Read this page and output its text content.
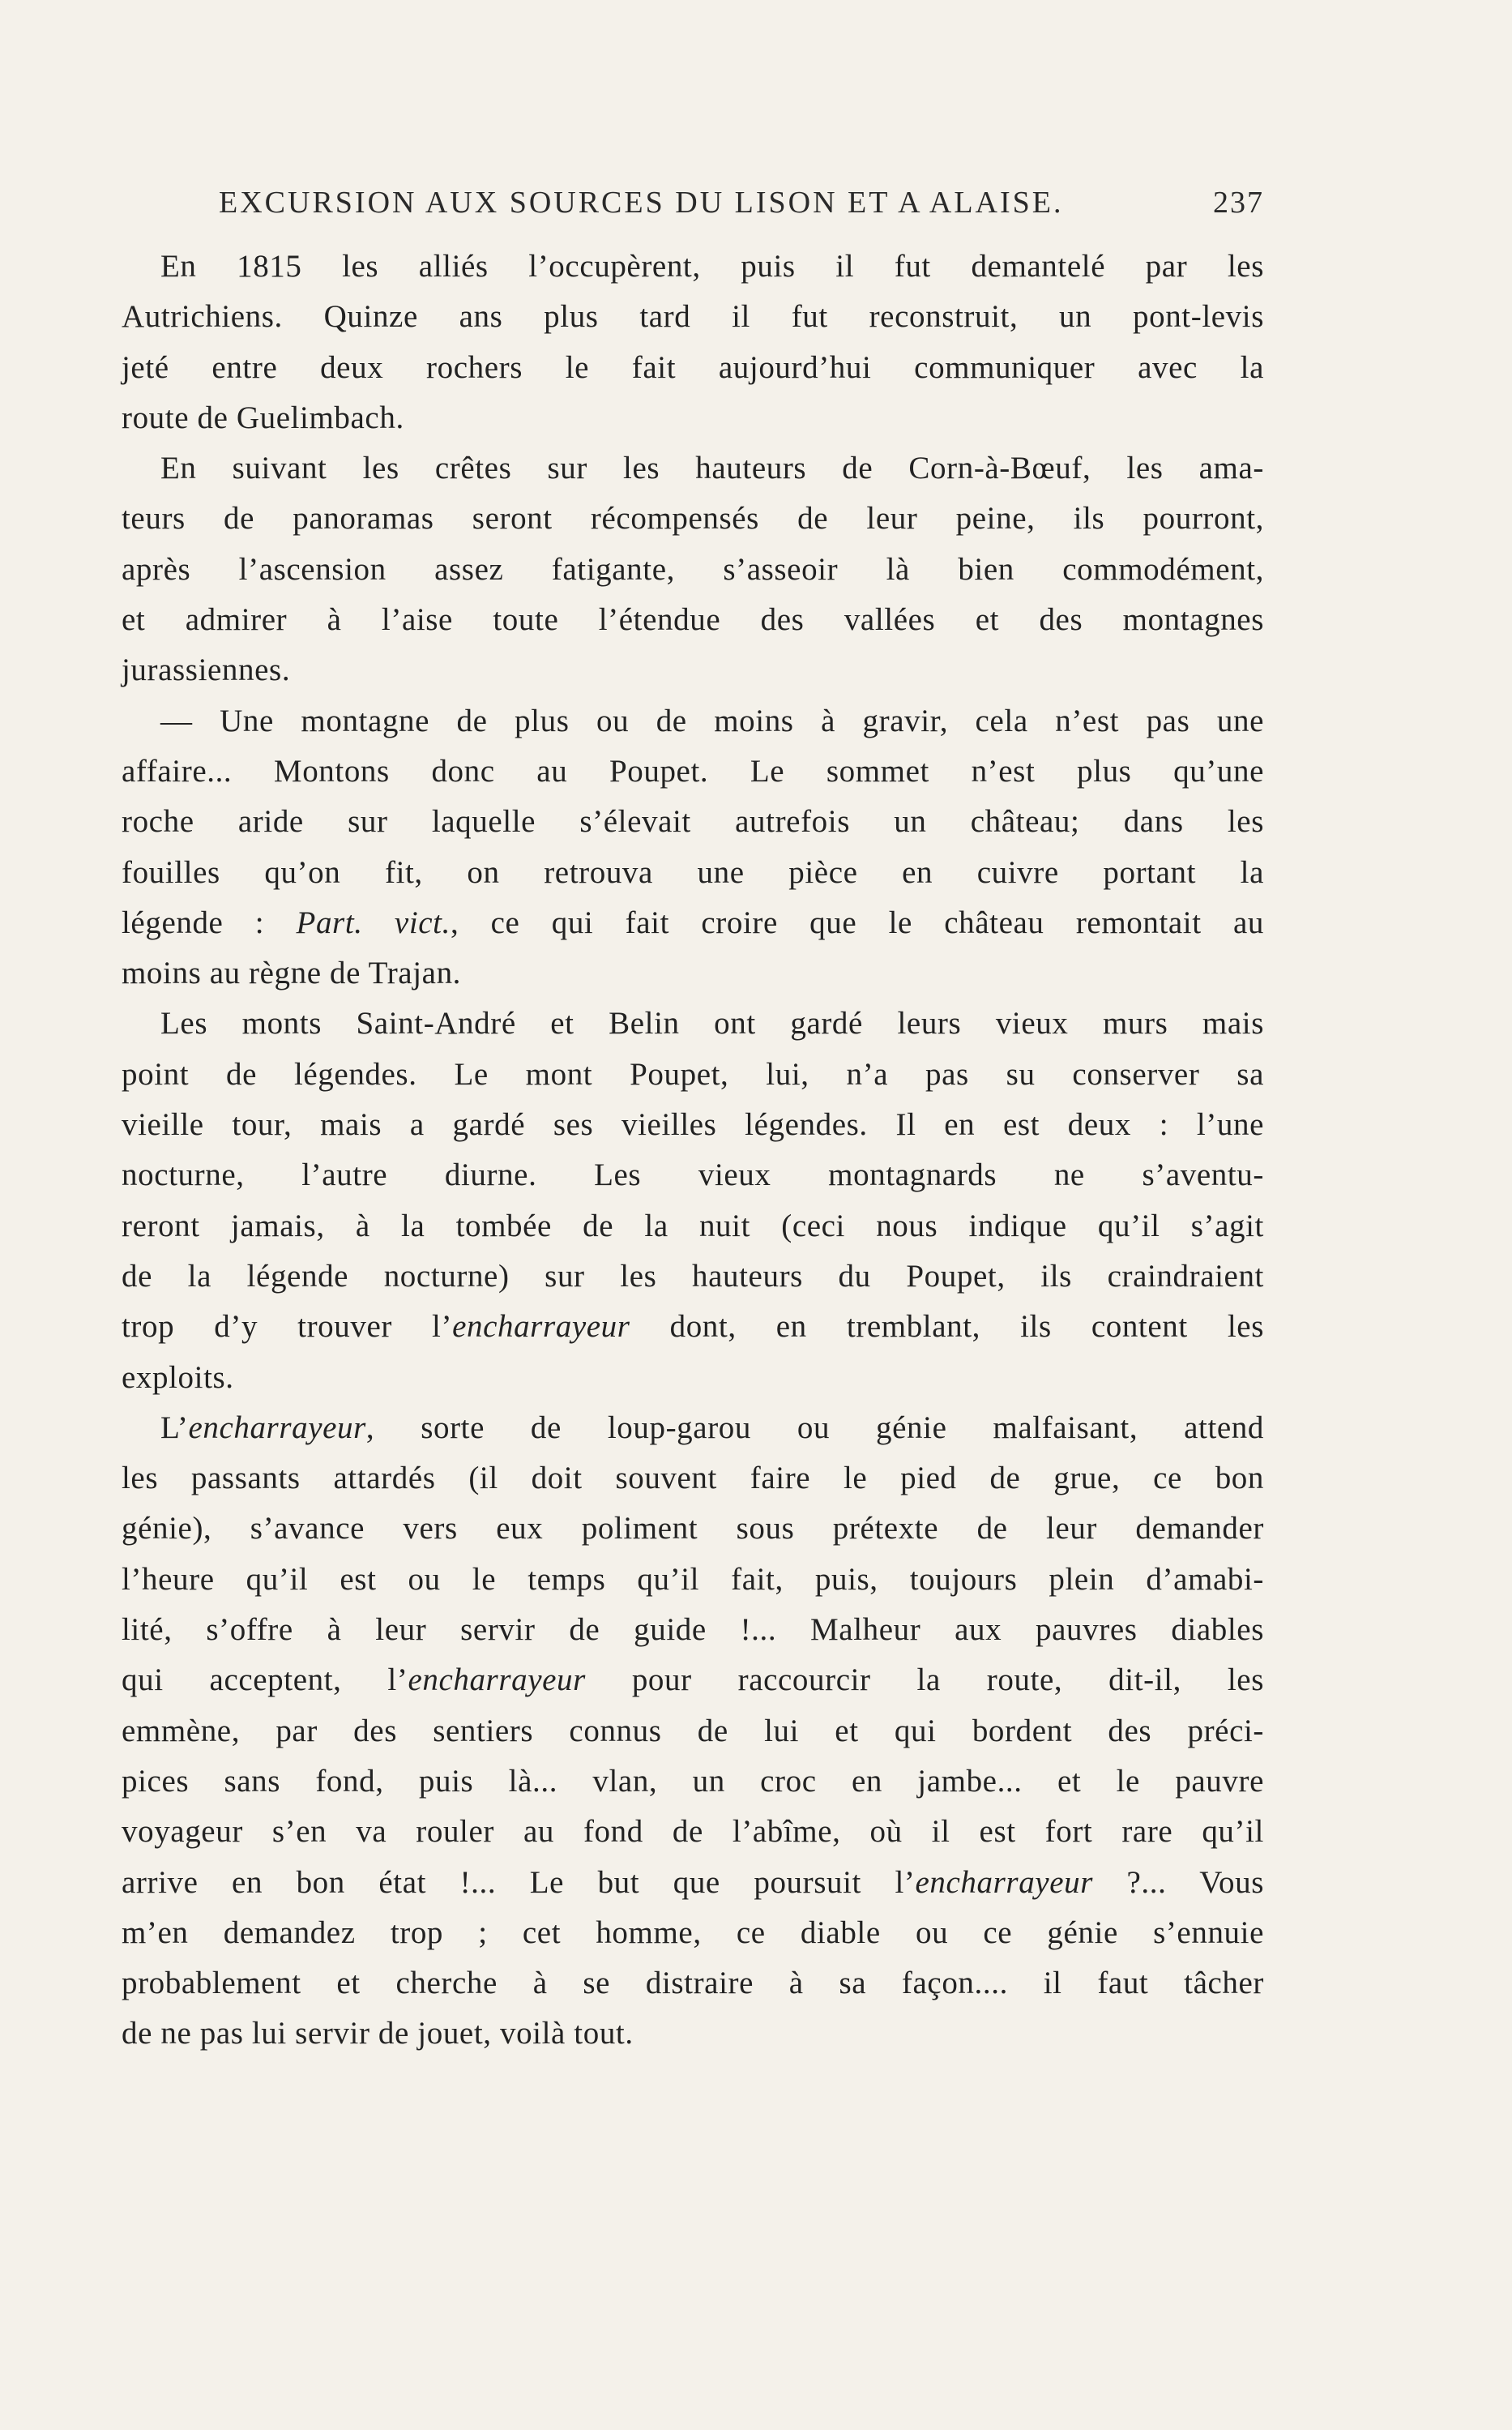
EXCURSION AUX SOURCES DU LISON ET A ALAISE.	237
En 1815 les alliés l’occupèrent, puis il fut demantelé par les
Autrichiens. Quinze ans plus tard il fut reconstruit, un pont-levis
jeté entre deux rochers le fait aujourd’hui communiquer avec la
route de Guelimbach.
En suivant les crêtes sur les hauteurs de Corn-à-Bœuf, les ama-
teurs de panoramas seront récompensés de leur peine, ils pourront,
après l’ascension assez fatigante, s’asseoir là bien commodément,
et admirer à l’aise toute l’étendue des vallées et des montagnes
jurassiennes.
— Une montagne de plus ou de moins à gravir, cela n’est pas une
affaire... Montons donc au Poupet. Le sommet n’est plus qu’une
roche aride sur laquelle s’élevait autrefois un château; dans les
fouilles qu’on fit, on retrouva une pièce en cuivre portant la
légende : Part. vict., ce qui fait croire que le château remontait au
moins au règne de Trajan.
Les monts Saint-André et Belin ont gardé leurs vieux murs mais
point de légendes. Le mont Poupet, lui, n’a pas su conserver sa
vieille tour, mais a gardé ses vieilles légendes. Il en est deux : l’une
nocturne, l’autre diurne. Les vieux montagnards ne s’aventu-
reront jamais, à la tombée de la nuit (ceci nous indique qu’il s’agit
de la légende nocturne) sur les hauteurs du Poupet, ils craindraient
trop d’y trouver l’encharrayeur dont, en tremblant, ils content les
exploits.
L’encharrayeur, sorte de loup-garou ou génie malfaisant, attend
les passants attardés (il doit souvent faire le pied de grue, ce bon
génie), s’avance vers eux poliment sous prétexte de leur demander
l’heure qu’il est ou le temps qu’il fait, puis, toujours plein d’amabi-
lité, s’offre à leur servir de guide !... Malheur aux pauvres diables
qui acceptent, l’encharrayeur pour raccourcir la route, dit-il, les
emmène, par des sentiers connus de lui et qui bordent des préci-
pices sans fond, puis là... vlan, un croc en jambe... et le pauvre
voyageur s’en va rouler au fond de l’abîme, où il est fort rare qu’il
arrive en bon état !... Le but que poursuit l’encharrayeur ?... Vous
m’en demandez trop ; cet homme, ce diable ou ce génie s’ennuie
probablement et cherche à se distraire à sa façon.... il faut tâcher
de ne pas lui servir de jouet, voilà tout.
